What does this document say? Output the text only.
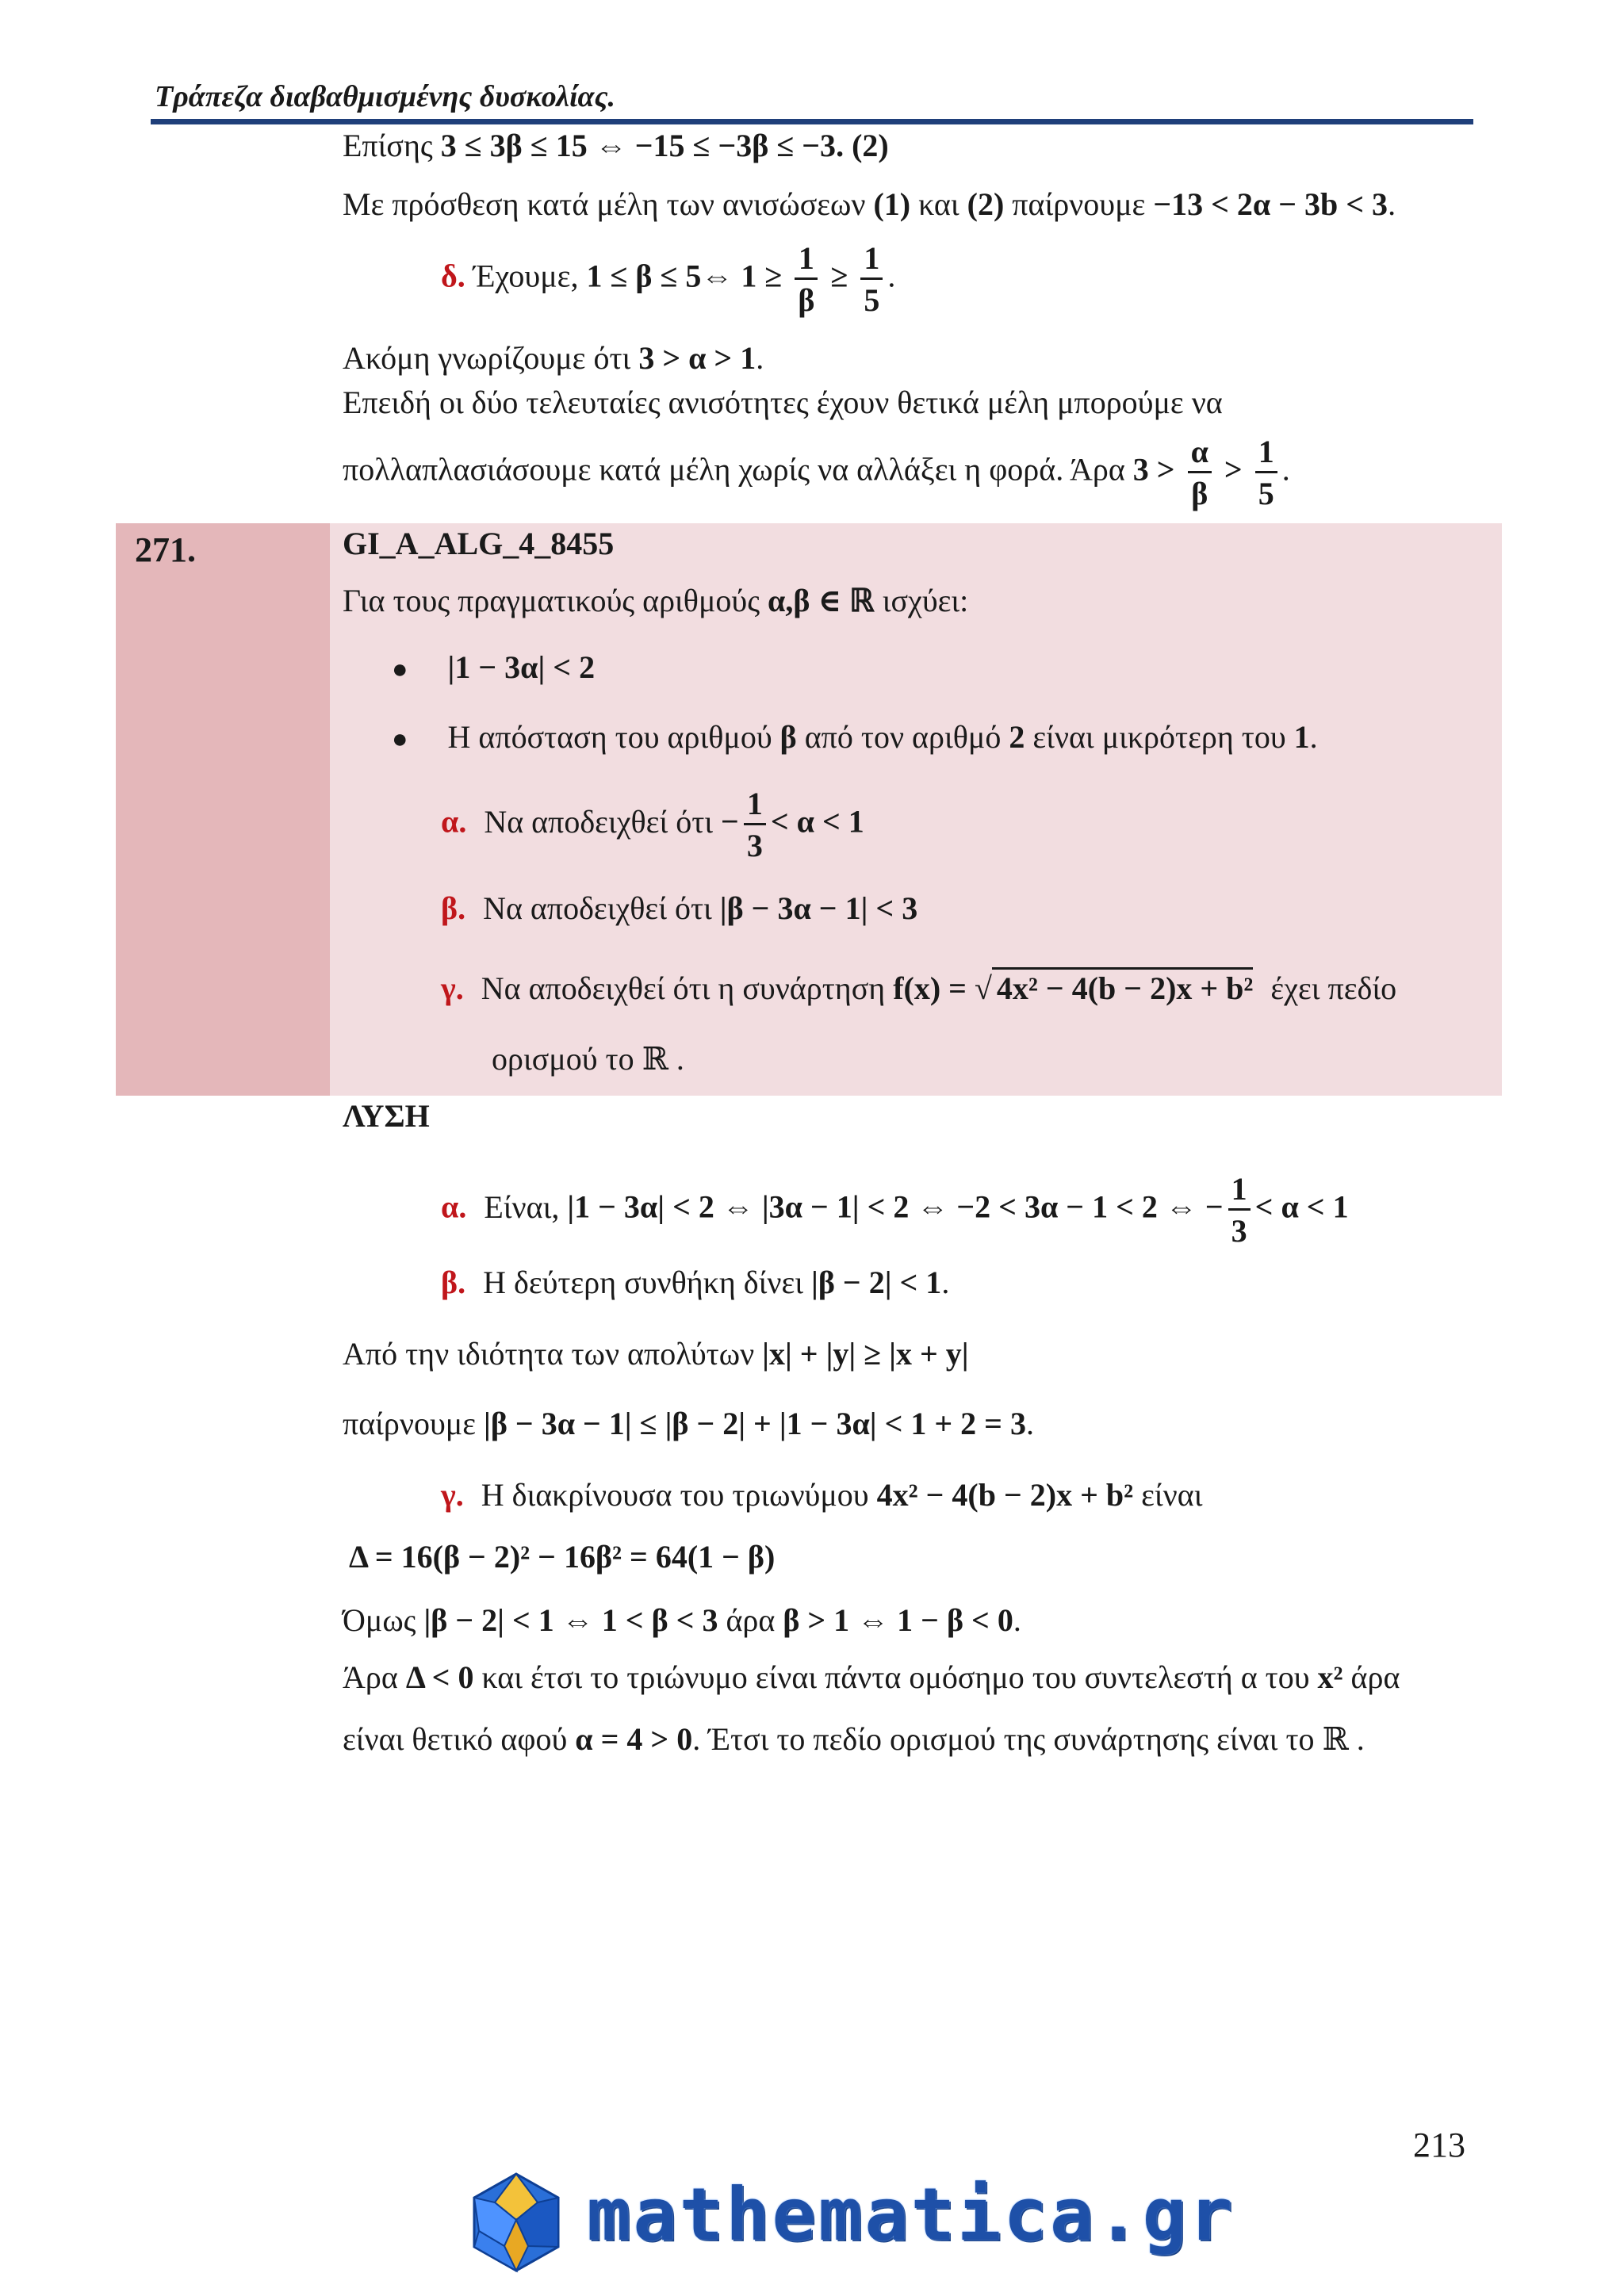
Τράπεζα διαβαθμισμένης δυσκολίας.
Επίσης 3 ≤ 3β ≤ 15 ⇔ −15 ≤ −3β ≤ −3. (2)
Με πρόσθεση κατά μέλη των ανισώσεων (1) και (2) παίρνουμε −13 < 2α − 3b < 3.
δ. Έχουμε, 1 ≤ β ≤ 5⇔ $1 \ge \frac{1}{\beta} \ge \frac{1}{5}$ .
Ακόμη γνωρίζουμε ότι 3 > α > 1.
Επειδή οι δύο τελευταίες ανισότητες έχουν θετικά μέλη μπορούμε να
πολλαπλασιάσουμε κατά μέλη χωρίς να αλλάξει η φορά. Άρα $3 > \frac{\alpha}{\beta} > \frac{1}{5}$ .
271.	GI_A_ALG_4_8455
Για τους πραγματικούς αριθμούς α,β ∈ ℝ ισχύει:
● |1 − 3α| < 2
● Η απόσταση του αριθμού β από τον αριθμό 2 είναι μικρότερη του 1.
α. Να αποδειχθεί $ό\tau\iota - \frac{1}{3} < \alpha < 1$
β. Να αποδειχθεί ότι |β − 3α − 1| < 3
γ. Να αποδειχθεί ότι η συνάρτηση f(x) = √ 4x² − 4(b − 2)x + b² έχει πεδίο
ορισμού το ℝ .
ΛΥΣΗ
α. Είναι, |1 − 3α| < 2 ⇔ |3α − 1| < 2 ⇔ −2 < 3α − 1 < 2 ⇔ − $\frac{1}{3} < \alpha < 1$
β. Η δεύτερη συνθήκη δίνει |β − 2| < 1.
Από την ιδιότητα των απολύτων |x| + |y| ≥ |x + y|
παίρνουμε |β − 3α − 1| ≤ |β − 2| + |1 − 3α| < 1 + 2 = 3.
γ. Η διακρίνουσα του τριωνύμου 4x² − 4(b − 2)x + b² είναι
Δ = 16(β − 2)² − 16β² = 64(1 − β)
Όμως |β − 2| < 1 ⇔ 1 < β < 3 άρα β > 1 ⇔ 1 − β < 0.
Άρα Δ < 0 και έτσι το τριώνυμο είναι πάντα ομόσημο του συντελεστή α του x² άρα
είναι θετικό αφού α = 4 > 0. Έτσι το πεδίο ορισμού της συνάρτησης είναι το ℝ .
213
mathematica.gr
